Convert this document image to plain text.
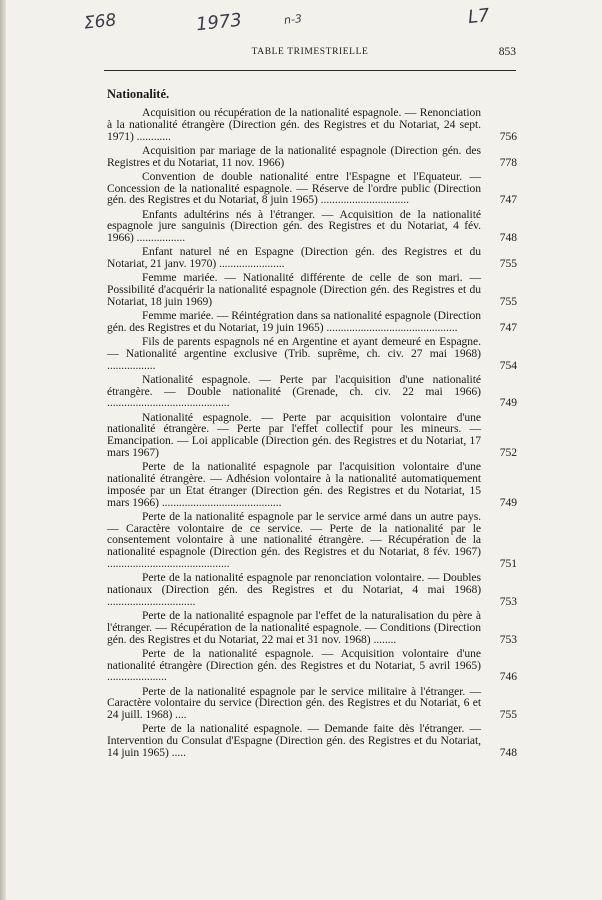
Σ68	1973	n-3	L7
TABLE TRIMESTRIELLE	853
Nationalité.
Acquisition ou récupération de la nationalité espagnole. — Renonciation à la nationalité étrangère (Direction gén. des Registres et du Notariat, 24 sept. 1971) ............	756
Acquisition par mariage de la nationalité espagnole (Direction gén. des Registres et du Notariat, 11 nov. 1966)	778
Convention de double nationalité entre l'Espagne et l'Equateur. — Concession de la nationalité espagnole. — Réserve de l'ordre public (Direction gén. des Registres et du Notariat, 8 juin 1965) ...............................	747
Enfants adultérins nés à l'étranger. — Acquisition de la nationalité espagnole jure sanguinis (Direction gén. des Registres et du Notariat, 4 fév. 1966) .................	748
Enfant naturel né en Espagne (Direction gén. des Registres et du Notariat, 21 janv. 1970) .......................	755
Femme mariée. — Nationalité différente de celle de son mari. — Possibilité d'acquérir la nationalité espagnole (Direction gén. des Registres et du Notariat, 18 juin 1969)	755
Femme mariée. — Réintégration dans sa nationalité espagnole (Direction gén. des Registres et du Notariat, 19 juin 1965) ..............................................	747
Fils de parents espagnols né en Argentine et ayant demeuré en Espagne. — Nationalité argentine exclusive (Trib. suprême, ch. civ. 27 mai 1968) .................	754
Nationalité espagnole. — Perte par l'acquisition d'une nationalité étrangère. — Double nationalité (Grenade, ch. civ. 22 mai 1966) ...........................................	749
Nationalité espagnole. — Perte par acquisition volontaire d'une nationalité étrangère. — Perte par l'effet collectif pour les mineurs. — Emancipation. — Loi applicable (Direction gén. des Registres et du Notariat, 17 mars 1967)	752
Perte de la nationalité espagnole par l'acquisition volontaire d'une nationalité étrangère. — Adhésion volontaire à la nationalité automatiquement imposée par un Etat étranger (Direction gén. des Registres et du Notariat, 15 mars 1966) ..........................................	749
Perte de la nationalité espagnole par le service armé dans un autre pays. — Caractère volontaire de ce service. — Perte de la nationalité par le consentement volontaire à une nationalité étrangère. — Récupération de la nationalité espagnole (Direction gén. des Registres et du Notariat, 8 fév. 1967) ...........................................	751
Perte de la nationalité espagnole par renonciation volontaire. — Doubles nationaux (Direction gén. des Registres et du Notariat, 4 mai 1968) ...............................	753
Perte de la nationalité espagnole par l'effet de la naturalisation du père à l'étranger. — Récupération de la nationalité espagnole. — Conditions (Direction gén. des Registres et du Notariat, 22 mai et 31 nov. 1968) ........	753
Perte de la nationalité espagnole. — Acquisition volontaire d'une nationalité étrangère (Direction gén. des Registres et du Notariat, 5 avril 1965) .....................	746
Perte de la nationalité espagnole par le service militaire à l'étranger. — Caractère volontaire du service (Direction gén. des Registres et du Notariat, 6 et 24 juill. 1968) ....	755
Perte de la nationalité espagnole. — Demande faite dès l'étranger. — Intervention du Consulat d'Espagne (Direction gén. des Registres et du Notariat, 14 juin 1965) .....	748
